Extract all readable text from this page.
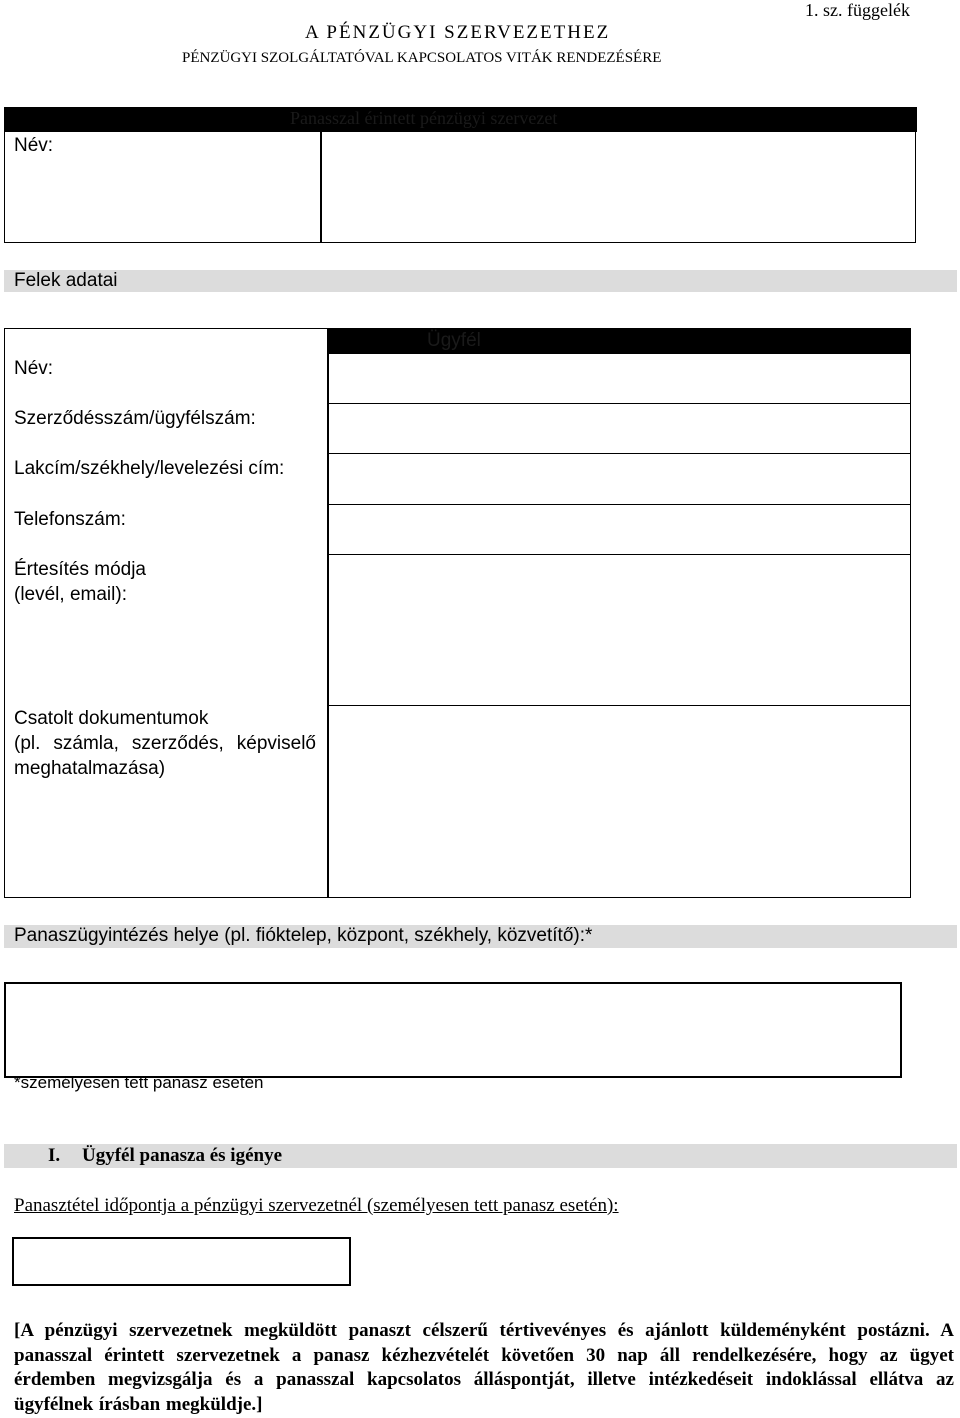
1. sz. függelék
A PÉNZÜGYI SZERVEZETHEZ
PÉNZÜGYI SZOLGÁLTATÓVAL KAPCSOLATOS VITÁK RENDEZÉSÉRE
Panasszal érintett pénzügyi szervezet
Név:
Felek adatai
Ügyfél
Név:
Szerződésszám/ügyfélszám:
Lakcím/székhely/levelezési cím:
Telefonszám:
Értesítés módja
(levél, email):
Csatolt dokumentumok
(pl. számla, szerződés, képviselő
meghatalmazása)
Panaszügyintézés helye (pl. fióktelep, központ, székhely, közvetítő):*
*személyesen tett panasz esetén
I. Ügyfél panasza és igénye
Panasztétel időpontja a pénzügyi szervezetnél (személyesen tett panasz esetén):
[A pénzügyi szervezetnek megküldött panaszt célszerű tértivevényes és ajánlott küldeményként postázni. A panasszal érintett szervezetnek a panasz kézhezvételét követően 30 nap áll rendelkezésére, hogy az ügyet érdemben megvizsgálja és a panasszal kapcsolatos álláspontját, illetve intézkedéseit indoklással ellátva az ügyfélnek írásban megküldje.]
